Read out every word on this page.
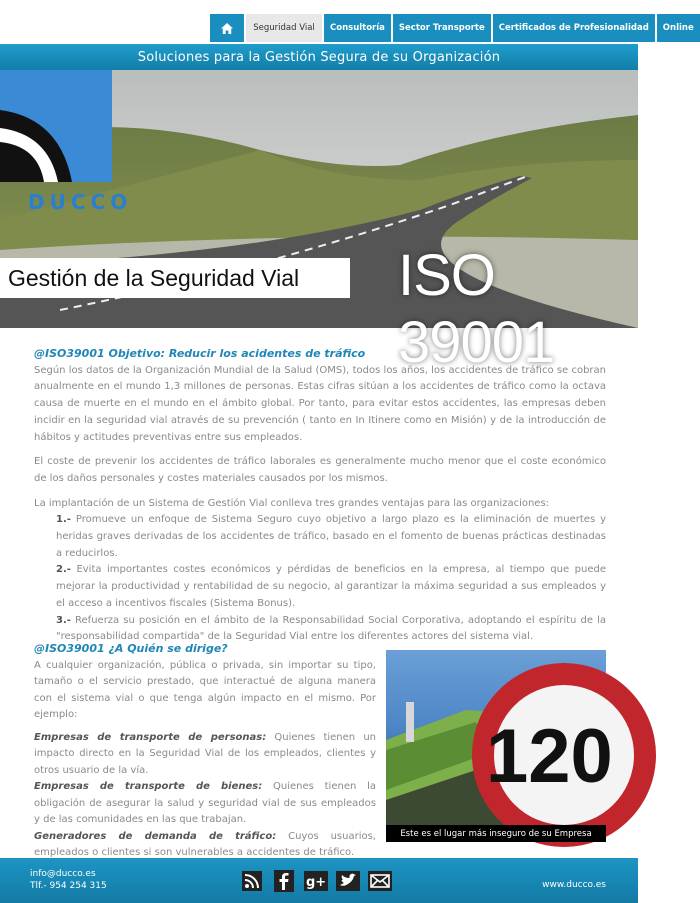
Seguridad Vial	Consultoría	Sector Transporte	Certificados de Profesionalidad	Online
Soluciones para la Gestión Segura de su Organización
DUCCO
Gestión de la Seguridad Vial ISO 39001
@ISO39001 Objetivo: Reducir los acidentes de tráfico

Según los datos de la Organización Mundial de la Salud (OMS), todos los años, los accidentes de tráfico se cobran anualmente en el mundo 1,3 millones de personas. Estas cifras sitúan a los accidentes de tráfico como la octava causa de muerte en el mundo en el ámbito global. Por tanto, para evitar estos accidentes, las empresas deben incidir en la seguridad vial através de su prevención ( tanto en In Itinere como en Misión) y de la introducción de hábitos y actitudes preventivas entre sus empleados.

El coste de prevenir los accidentes de tráfico laborales es generalmente mucho menor que el coste económico de los daños personales y costes materiales causados por los mismos.

La implantación de un Sistema de Gestión Vial conlleva tres grandes ventajas para las organizaciones:

1.- Promueve un enfoque de Sistema Seguro cuyo objetivo a largo plazo es la eliminación de muertes y heridas graves derivadas de los accidentes de tráfico, basado en el fomento de buenas prácticas destinadas a reducirlos.

2.- Evita importantes costes económicos y pérdidas de beneficios en la empresa, al tiempo que puede mejorar la productividad y rentabilidad de su negocio, al garantizar la máxima seguridad a sus empleados y el acceso a incentivos fiscales (Sistema Bonus).

3.- Refuerza su posición en el ámbito de la Responsabilidad Social Corporativa, adoptando el espíritu de la "responsabilidad compartida" de la Seguridad Vial entre los diferentes actores del sistema vial.

@ISO39001 ¿A Quién se dirige?

A cualquier organización, pública o privada, sin importar su tipo, tamaño o el servicio prestado, que interactué de alguna manera con el sistema vial o que tenga algún impacto en el mismo. Por ejemplo:

Empresas de transporte de personas: Quienes tienen un impacto directo en la Seguridad Vial de los empleados, clientes y otros usuario de la vía.

Empresas de transporte de bienes: Quienes tienen la obligación de asegurar la salud y seguridad vial de sus empleados y de las comunidades en las que trabajan.

Generadores de demanda de tráfico: Cuyos usuarios, empleados o clientes si son vulnerables a accidentes de tráfico.

120
Este es el lugar más inseguro de su Empresa
info@ducco.es
Tlf.- 954 254 315	g+	www.ducco.es
